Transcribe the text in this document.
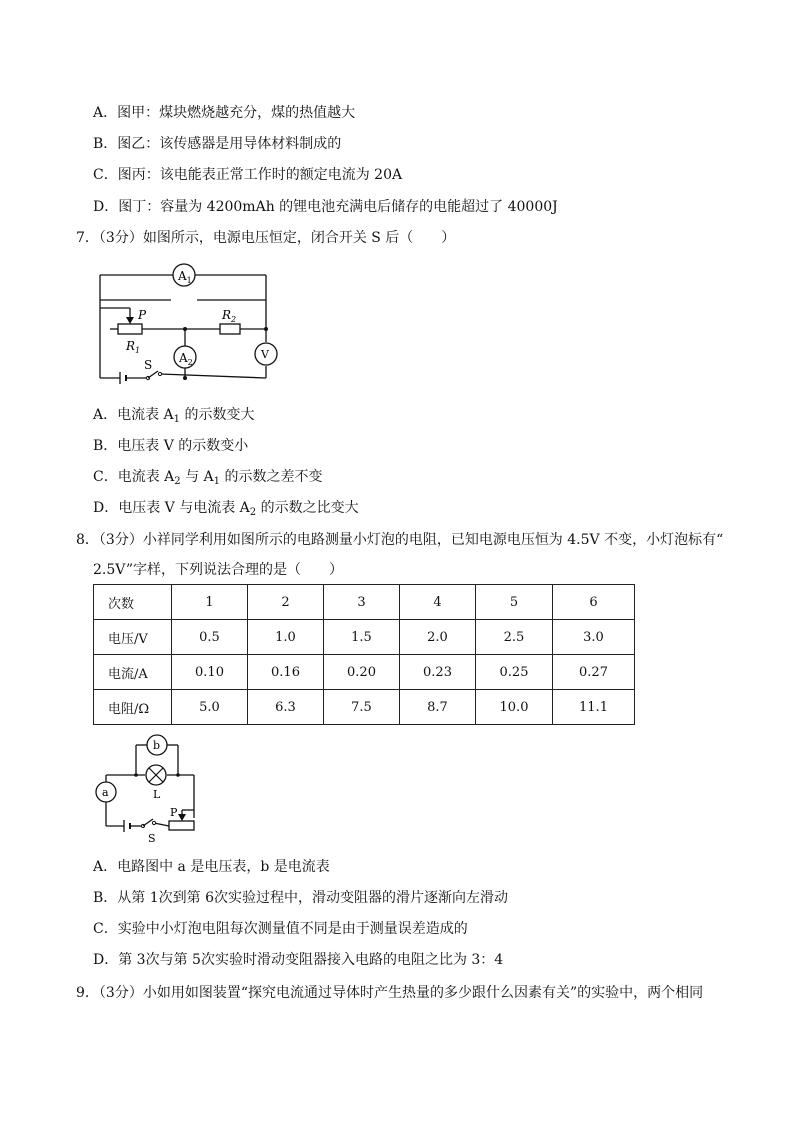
A．图甲：煤块燃烧越充分，煤的热值越大
B．图乙：该传感器是用导体材料制成的
C．图丙：该电能表正常工作时的额定电流为 20A
D．图丁：容量为 4200mAh 的锂电池充满电后储存的电能超过了 40000J
7．（3分）如图所示，电源电压恒定，闭合开关 S 后（　　）
$A_1$
P
$R_1$
$R_2$
$A_2$
V
S
A．电流表 $A_1$ 的示数变大
B．电压表 V 的示数变小
C．电流表 $A_2$ 与 $A_1$ 的示数之差不变
D．电压表 V 与电流表 $A_2$ 的示数之比变大
8．（3分）小祥同学利用如图所示的电路测量小灯泡的电阻，已知电源电压恒为 4.5V 不变，小灯泡标有“
2.5V”字样，下列说法合理的是（　　）
次数	1	2	3	4	5	6
电压/V	0.5	1.0	1.5	2.0	2.5	3.0
电流/A	0.10	0.16	0.20	0.23	0.25	0.27
电阻/Ω	5.0	6.3	7.5	8.7	10.0	11.1
b
L
a
S
P
A．电路图中 a 是电压表，b 是电流表
B．从第 1次到第 6次实验过程中，滑动变阻器的滑片逐渐向左滑动
C．实验中小灯泡电阻每次测量值不同是由于测量误差造成的
D．第 3次与第 5次实验时滑动变阻器接入电路的电阻之比为 3：4
9．（3分）小如用如图装置“探究电流通过导体时产生热量的多少跟什么因素有关”的实验中，两个相同
